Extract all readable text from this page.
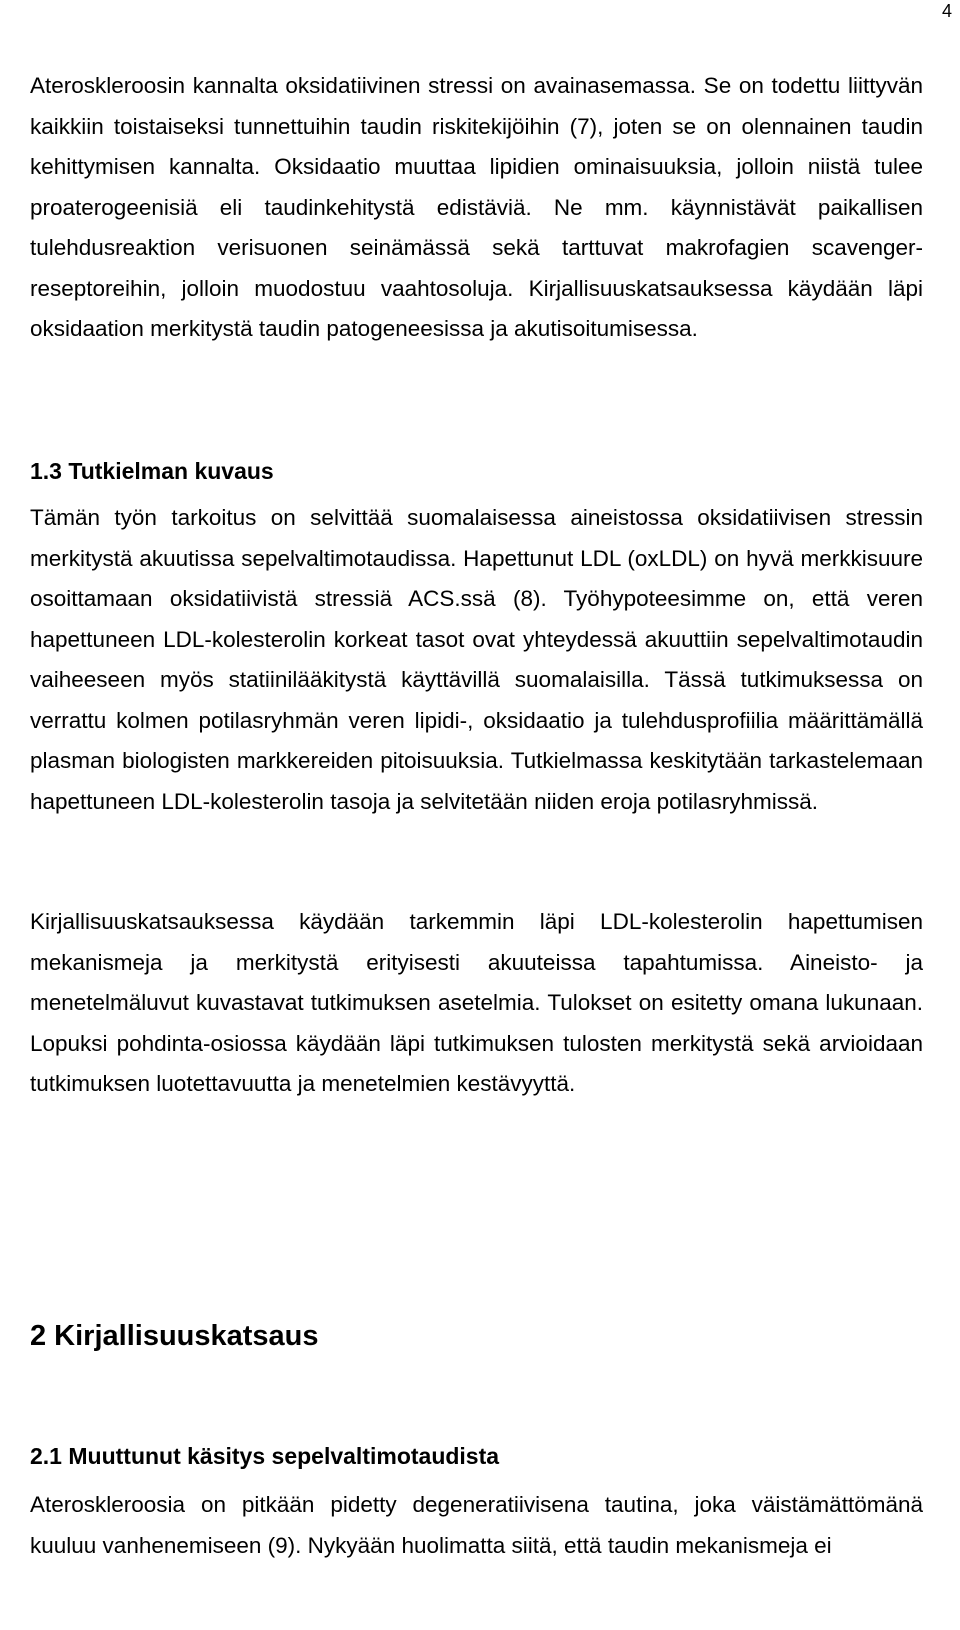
4

Ateroskleroosin kannalta oksidatiivinen stressi on avainasemassa. Se on todettu liittyvän kaikkiin toistaiseksi tunnettuihin taudin riskitekijöihin (7), joten se on olennainen taudin kehittymisen kannalta. Oksidaatio muuttaa lipidien ominaisuuksia, jolloin niistä tulee proaterogeenisiä eli taudinkehitystä edistäviä. Ne mm. käynnistävät paikallisen tulehdusreaktion verisuonen seinämässä sekä tarttuvat makrofagien scavenger-reseptoreihin, jolloin muodostuu vaahtosoluja. Kirjallisuuskatsauksessa käydään läpi oksidaation merkitystä taudin patogeneesissa ja akutisoitumisessa.

1.3 Tutkielman kuvaus

Tämän työn tarkoitus on selvittää suomalaisessa aineistossa oksidatiivisen stressin merkitystä akuutissa sepelvaltimotaudissa. Hapettunut LDL (oxLDL) on hyvä merkkisuure osoittamaan oksidatiivistä stressiä ACS.ssä (8). Työhypoteesimme on, että veren hapettuneen LDL-kolesterolin korkeat tasot ovat yhteydessä akuuttiin sepelvaltimotaudin vaiheeseen myös statiinilääkitystä käyttävillä suomalaisilla. Tässä tutkimuksessa on verrattu kolmen potilasryhmän veren lipidi-, oksidaatio ja tulehdusprofiilia määrittämällä plasman biologisten markkereiden pitoisuuksia. Tutkielmassa keskitytään tarkastelemaan hapettuneen LDL-kolesterolin tasoja ja selvitetään niiden eroja potilasryhmissä.

Kirjallisuuskatsauksessa käydään tarkemmin läpi LDL-kolesterolin hapettumisen mekanismeja ja merkitystä erityisesti akuuteissa tapahtumissa. Aineisto- ja menetelmäluvut kuvastavat tutkimuksen asetelmia. Tulokset on esitetty omana lukunaan. Lopuksi pohdinta-osiossa käydään läpi tutkimuksen tulosten merkitystä sekä arvioidaan tutkimuksen luotettavuutta ja menetelmien kestävyyttä.

2 Kirjallisuuskatsaus
2.1 Muuttunut käsitys sepelvaltimotaudista

Ateroskleroosia on pitkään pidetty degeneratiivisena tautina, joka väistämättömänä kuuluu vanhenemiseen (9). Nykyään huolimatta siitä, että taudin mekanismeja ei
